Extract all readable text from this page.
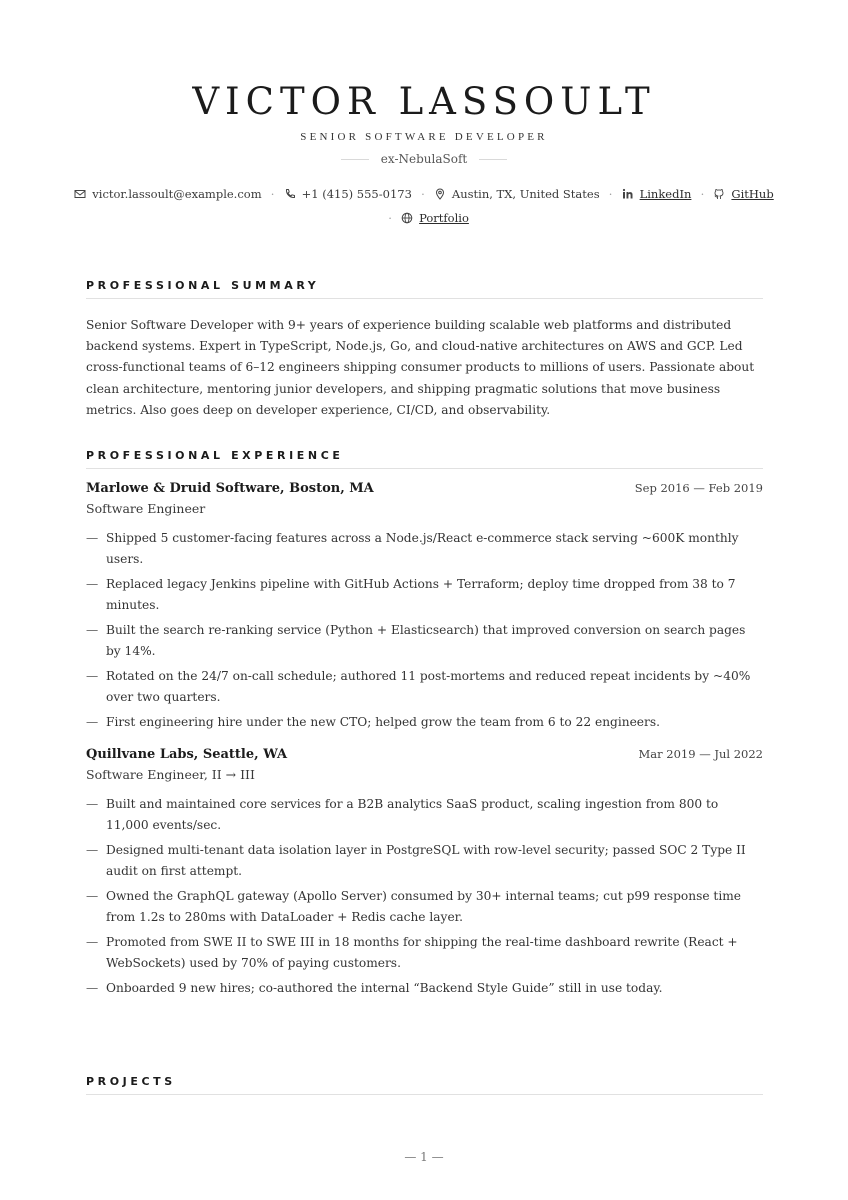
VICTOR LASSOULT
SENIOR SOFTWARE DEVELOPER
ex-NebulaSoft
victor.lassoult@example.com ·	+1 (415) 555-0173 ·	Austin, TX, United States ·	LinkedIn ·	GitHub
·	Portfolio
PROFESSIONAL SUMMARY

Senior Software Developer with 9+ years of experience building scalable web platforms and distributed backend systems. Expert in TypeScript, Node.js, Go, and cloud-native architectures on AWS and GCP. Led cross-functional teams of 6–12 engineers shipping consumer products to millions of users. Passionate about clean architecture, mentoring junior developers, and shipping pragmatic solutions that move business metrics. Also goes deep on developer experience, CI/CD, and observability.

PROFESSIONAL EXPERIENCE
Marlowe & Druid Software, Boston, MA	Sep 2016 — Feb 2019
Software Engineer
— Shipped 5 customer-facing features across a Node.js/React e-commerce stack serving ~600K monthly users.
— Replaced legacy Jenkins pipeline with GitHub Actions + Terraform; deploy time dropped from 38 to 7 minutes.
— Built the search re-ranking service (Python + Elasticsearch) that improved conversion on search pages by 14%.
— Rotated on the 24/7 on-call schedule; authored 11 post-mortems and reduced repeat incidents by ~40% over two quarters.
— First engineering hire under the new CTO; helped grow the team from 6 to 22 engineers.
Quillvane Labs, Seattle, WA	Mar 2019 — Jul 2022
Software Engineer, II → III
— Built and maintained core services for a B2B analytics SaaS product, scaling ingestion from 800 to 11,000 events/sec.
— Designed multi-tenant data isolation layer in PostgreSQL with row-level security; passed SOC 2 Type II audit on first attempt.
— Owned the GraphQL gateway (Apollo Server) consumed by 30+ internal teams; cut p99 response time from 1.2s to 280ms with DataLoader + Redis cache layer.
— Promoted from SWE II to SWE III in 18 months for shipping the real-time dashboard rewrite (React + WebSockets) used by 70% of paying customers.
— Onboarded 9 new hires; co-authored the internal “Backend Style Guide” still in use today.
PROJECTS
— 1 —
